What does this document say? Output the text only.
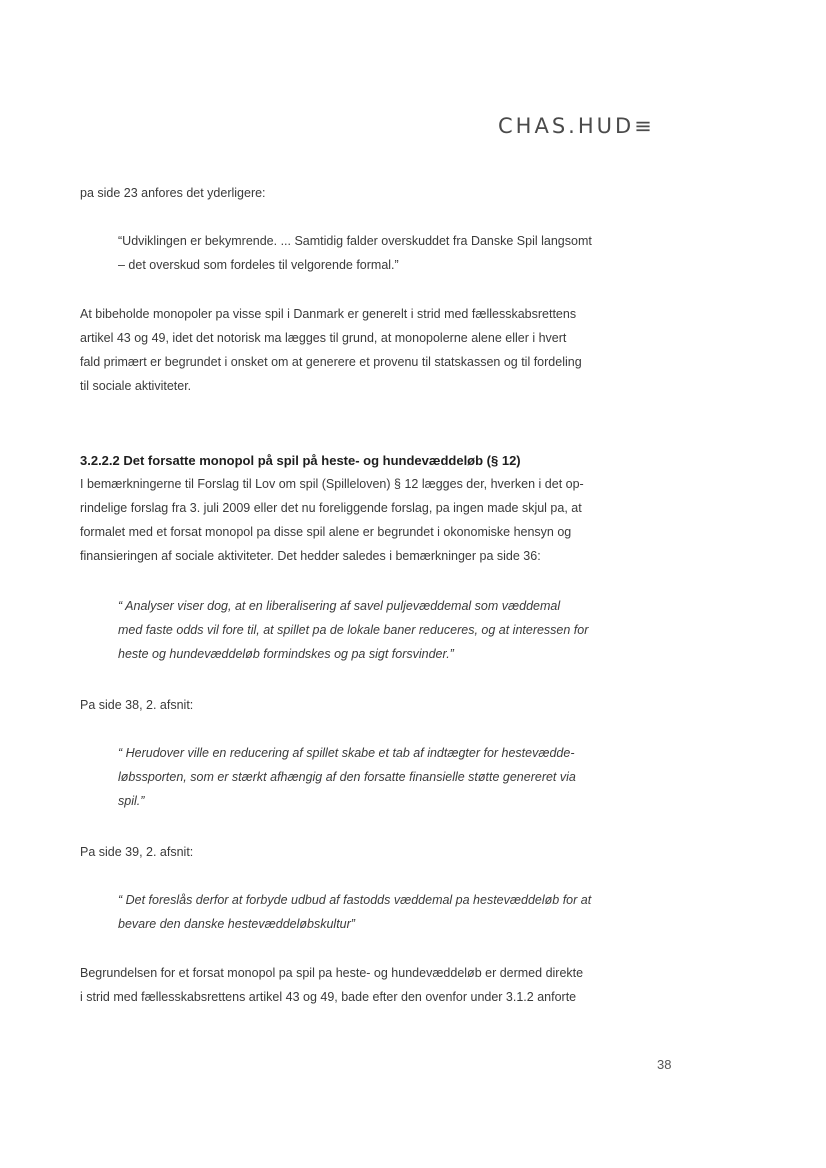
CHAS.HUD≡
pa side 23 anfores det yderligere:
“Udviklingen er bekymrende. ... Samtidig falder overskuddet fra Danske Spil langsomt
– det overskud som fordeles til velgorende formal.”
At bibeholde monopoler pa visse spil i Danmark er generelt i strid med fællesskabsrettens
artikel 43 og 49, idet det notorisk ma lægges til grund, at monopolerne alene eller i hvert
fald primært er begrundet i onsket om at generere et provenu til statskassen og til fordeling
til sociale aktiviteter.
3.2.2.2 Det forsatte monopol på spil på heste- og hundevæddeløb (§ 12)
I bemærkningerne til Forslag til Lov om spil (Spilleloven) § 12 lægges der, hverken i det op-
rindelige forslag fra 3. juli 2009 eller det nu foreliggende forslag, pa ingen made skjul pa, at
formalet med et forsat monopol pa disse spil alene er begrundet i okonomiske hensyn og
finansieringen af sociale aktiviteter. Det hedder saledes i bemærkninger pa side 36:
“ Analyser viser dog, at en liberalisering af savel puljevæddemal som væddemal
med faste odds vil fore til, at spillet pa de lokale baner reduceres, og at interessen for
heste og hundevæddeløb formindskes og pa sigt forsvinder.”
Pa side 38, 2. afsnit:
“ Herudover ville en reducering af spillet skabe et tab af indtægter for hestevædde-
løbssporten, som er stærkt afhængig af den forsatte finansielle støtte genereret via
spil.”
Pa side 39, 2. afsnit:
“ Det foreslås derfor at forbyde udbud af fastodds væddemal pa hestevæddeløb for at
bevare den danske hestevæddeløbskultur”
Begrundelsen for et forsat monopol pa spil pa heste- og hundevæddeløb er dermed direkte
i strid med fællesskabsrettens artikel 43 og 49, bade efter den ovenfor under 3.1.2 anforte
38
